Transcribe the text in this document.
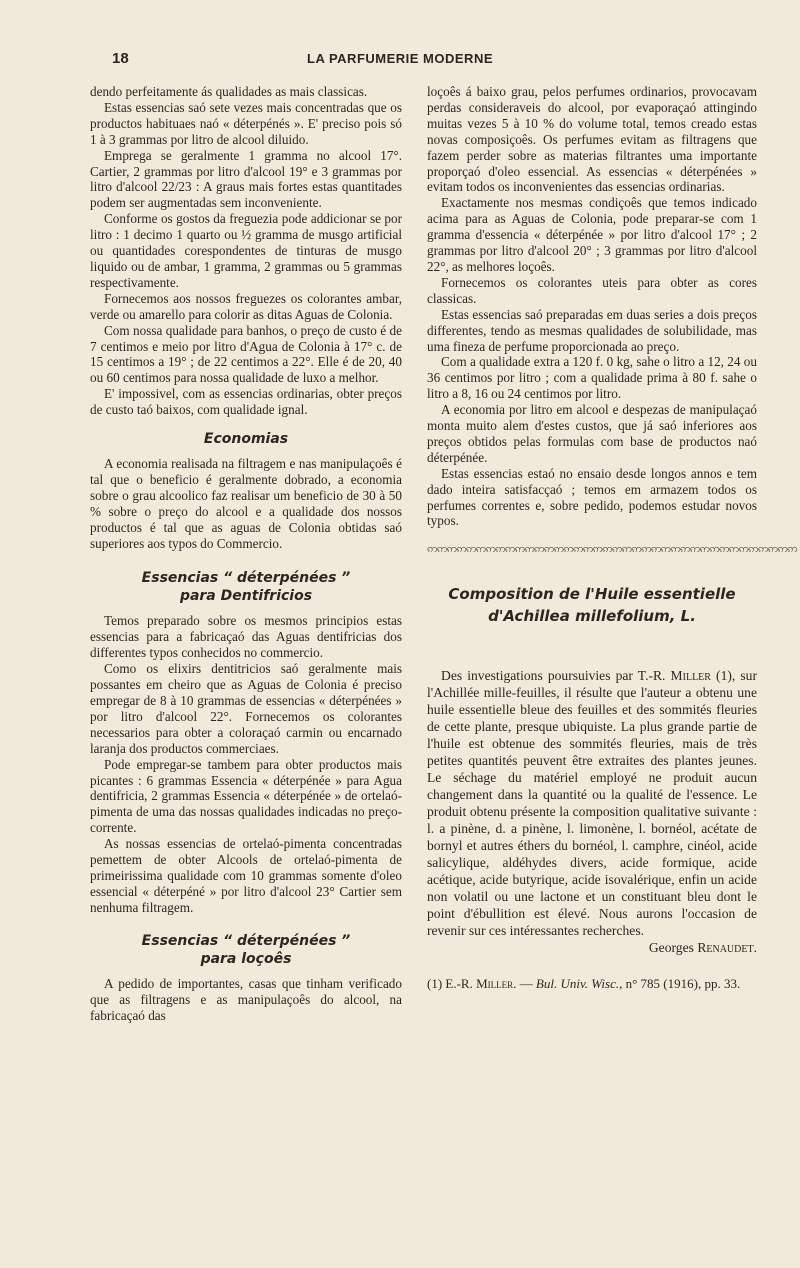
18	LA PARFUMERIE MODERNE

dendo perfeitamente ás qualidades as mais classicas.

Estas essencias saó sete vezes mais concentradas que os productos habituaes naó « déterpénés ». E' preciso pois só 1 à 3 grammas por litro de alcool diluido.

Emprega se geralmente 1 gramma no alcool 17°. Cartier, 2 grammas por litro d'alcool 19° e 3 grammas por litro d'alcool 22/23 : A graus mais fortes estas quantitades podem ser augmentadas sem inconveniente.

Conforme os gostos da freguezia pode addicionar se por litro : 1 decimo 1 quarto ou ½ gramma de musgo artificial ou quantidades corespondentes de tinturas de musgo liquido ou de ambar, 1 gramma, 2 grammas ou 5 grammas respectivamente.

Fornecemos aos nossos freguezes os colorantes ambar, verde ou amarello para colorir as ditas Aguas de Colonia.

Com nossa qualidade para banhos, o preço de custo é de 7 centimos e meio por litro d'Agua de Colonia à 17° c. de 15 centimos a 19° ; de 22 centimos a 22°. Elle é de 20, 40 ou 60 centimos para nossa qualidade de luxo a melhor.

E' impossivel, com as essencias ordinarias, obter preços de custo taó baixos, com qualidade ignal.

Economias

A economia realisada na filtragem e nas manipulaçoês é tal que o beneficio é geralmente dobrado, a economia sobre o grau alcoolico faz realisar um beneficio de 30 à 50 % sobre o preço do alcool e a qualidade dos nossos productos é tal que as aguas de Colonia obtidas saó superiores aos typos do Commercio.

Essencias “ déterpénées ”
para Dentifricios

Temos preparado sobre os mesmos principios estas essencias para a fabricaçaó das Aguas dentifricias dos differentes typos conhecidos no commercio.

Como os elixirs dentitricios saó geralmente mais possantes em cheiro que as Aguas de Colonia é preciso empregar de 8 à 10 grammas de essencias « déterpénées » por litro d'alcool 22°. Fornecemos os colorantes necessarios para obter a coloraçaó carmin ou encarnado laranja dos productos commerciaes.

Pode empregar-se tambem para obter productos mais picantes : 6 grammas Essencia « déterpénée » para Agua dentifricia, 2 grammas Essencia « déterpénée » de ortelaó-pimenta de uma das nossas qualidades indicadas no preço-corrente.

As nossas essencias de ortelaó-pimenta concentradas pemettem de obter Alcools de ortelaó-pimenta de primeirissima qualidade com 10 grammas somente d'oleo essencial « déterpéné » por litro d'alcool 23° Cartier sem nenhuma filtragem.

Essencias “ déterpénées ”
para loçoês

A pedido de importantes, casas que tinham verificado que as filtragens e as manipulaçoês do alcool, na fabricaçaó das

loçoês á baixo grau, pelos perfumes ordinarios, provocavam perdas consideraveis do alcool, por evaporaçaó attingindo muitas vezes 5 à 10 % do volume total, temos creado estas novas composiçoês. Os perfumes evitam as filtragens que fazem perder sobre as materias filtrantes uma importante proporçaó d'oleo essencial. As essencias « déterpénées » evitam todos os inconvenientes das essencias ordinarias.

Exactamente nos mesmas condiçoês que temos indicado acima para as Aguas de Colonia, pode preparar-se com 1 gramma d'essencia « déterpénée » por litro d'alcool 17° ; 2 grammas por litro d'alcool 20° ; 3 grammas por litro d'alcool 22°, as melhores loçoês.

Fornecemos os colorantes uteis para obter as cores classicas.

Estas essencias saó preparadas em duas series a dois preços differentes, tendo as mesmas qualidades de solubilidade, mas uma fineza de perfume proporcionada ao preço.

Com a qualidade extra a 120 f. 0 kg, sahe o litro a 12, 24 ou 36 centimos por litro ; com a qualidade prima à 80 f. sahe o litro a 8, 16 ou 24 centimos por litro.

A economia por litro em alcool e despezas de manipulaçaó monta muito alem d'estes custos, que já saó inferiores aos preços obtidos pelas formulas com base de productos naó déterpénée.

Estas essencias estaó no ensaio desde longos annos e tem dado inteira satisfacçaó ; temos em armazem todos os perfumes correntes e, sobre pedido, podemos estudar novos typos.

ဢဢဢဢဢဢဢဢဢဢဢဢဢဢဢဢဢဢဢဢဢဢဢဢဢဢဢဢဢဢဢဢဢဢဢဢဢဢ
Composition de l'Huile essentielle
d'Achillea millefolium, L.

Des investigations poursuivies par T.-R. Miller (1), sur l'Achillée mille-feuilles, il résulte que l'auteur a obtenu une huile essentielle bleue des feuilles et des sommités fleuries de cette plante, presque ubiquiste. La plus grande partie de l'huile est obtenue des sommités fleuries, mais de très petites quantités peuvent être extraites des plantes jeunes. Le séchage du matériel employé ne produit aucun changement dans la quantité ou la qualité de l'essence. Le produit obtenu présente la composition qualitative suivante : l. a pinène, d. a pinène, l. limonène, l. bornéol, acétate de bornyl et autres éthers du bornéol, l. camphre, cinéol, acide salicylique, aldéhydes divers, acide formique, acide acétique, acide butyrique, acide isovalérique, enfin un acide non volatil ou une lactone et un constituant bleu dont le point d'ébullition est élevé. Nous aurons l'occasion de revenir sur ces intéressantes recherches.

Georges Renaudet.

(1) E.-R. Miller. — Bul. Univ. Wisc., n° 785 (1916), pp. 33.
